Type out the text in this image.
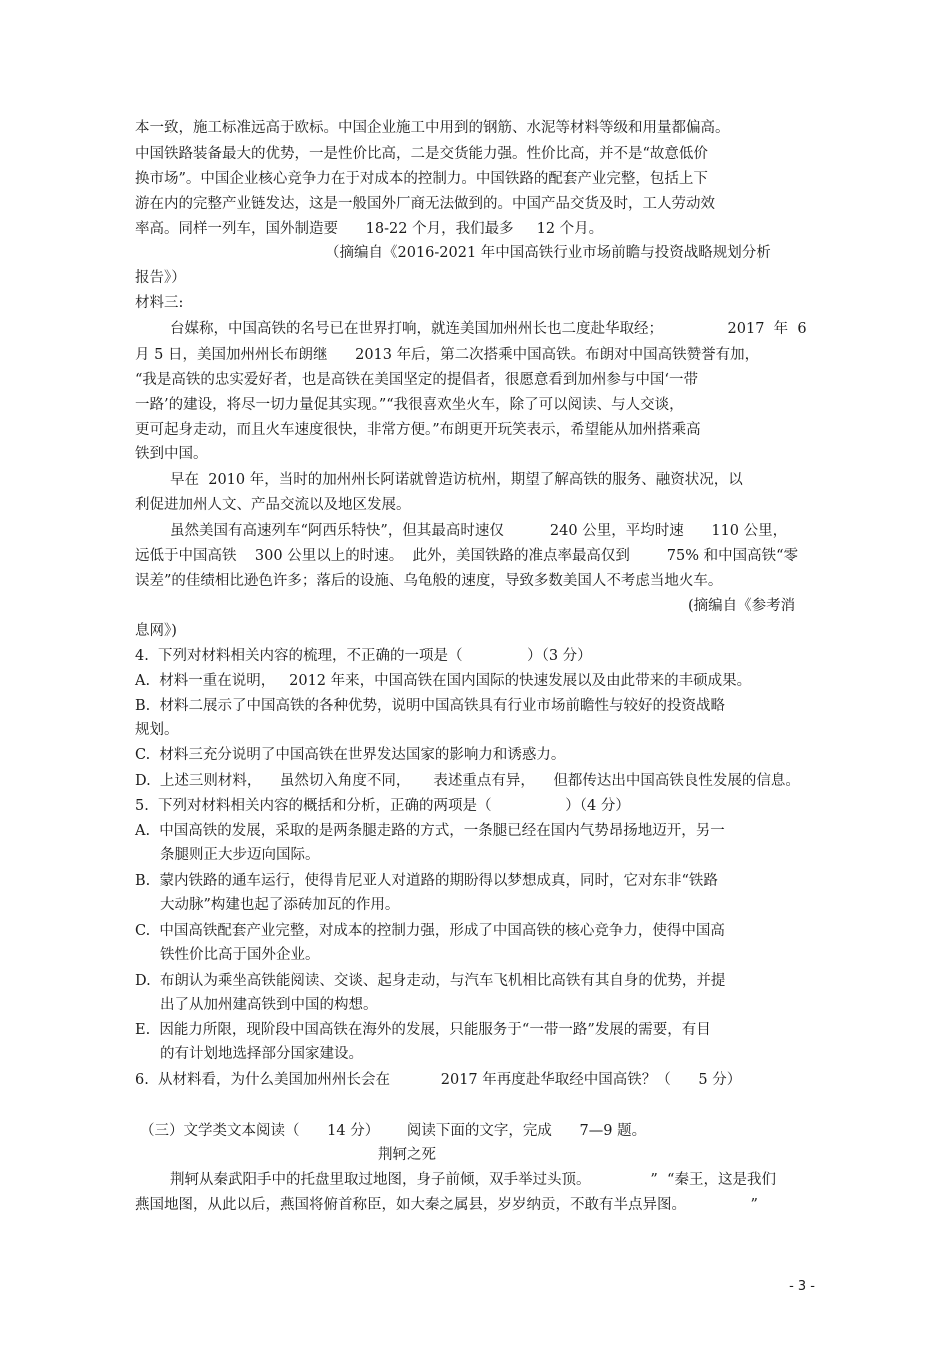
本一致，施工标准远高于欧标。中国企业施工中用到的钢筋、水泥等材料等级和用量都偏高。
中国铁路装备最大的优势，一是性价比高，二是交货能力强。性价比高，并不是“故意低价
换市场”。中国企业核心竞争力在于对成本的控制力。中国铁路的配套产业完整，包括上下
游在内的完整产业链发达，这是一般国外厂商无法做到的。中国产品交货及时，工人劳动效
率高。同样一列车，国外制造要      18-22 个月，我们最多     12 个月。
（摘编自《2016-2021 年中国高铁行业市场前瞻与投资战略规划分析
报告》）
材料三:
台媒称，中国高铁的名号已在世界打响，就连美国加州州长也二度赴华取经；              2017  年  6
月 5 日，美国加州州长布朗继      2013 年后，第二次搭乘中国高铁。布朗对中国高铁赞誉有加，
“我是高铁的忠实爱好者，也是高铁在美国坚定的提倡者，很愿意看到加州参与中国‘一带
一路’的建设，将尽一切力量促其实现。”“我很喜欢坐火车，除了可以阅读、与人交谈，
更可起身走动，而且火车速度很快，非常方便。”布朗更开玩笑表示，希望能从加州搭乘高
铁到中国。
早在  2010 年，当时的加州州长阿诺就曾造访杭州，期望了解高铁的服务、融资状况，以
利促进加州人文、产品交流以及地区发展。
虽然美国有高速列车“阿西乐特快”，但其最高时速仅          240 公里，平均时速      110 公里，
远低于中国高铁    300 公里以上的时速。  此外，美国铁路的准点率最高仅到        75% 和中国高铁“零
误差”的佳绩相比逊色许多；落后的设施、乌龟般的速度，导致多数美国人不考虑当地火车。
(摘编自《参考消
息网》)
4.  下列对材料相关内容的梳理，不正确的一项是（              ）（3 分）
A.  材料一重在说明，   2012 年来，中国高铁在国内国际的快速发展以及由此带来的丰硕成果。
B.  材料二展示了中国高铁的各种优势，说明中国高铁具有行业市场前瞻性与较好的投资战略
规划。
C.  材料三充分说明了中国高铁在世界发达国家的影响力和诱惑力。
D.  上述三则材料，    虽然切入角度不同，     表述重点有异，    但都传达出中国高铁良性发展的信息。
5.  下列对材料相关内容的概括和分析，正确的两项是（                ）（4 分）
A.  中国高铁的发展，采取的是两条腿走路的方式，一条腿已经在国内气势昂扬地迈开，另一
条腿则正大步迈向国际。
B.  蒙内铁路的通车运行，使得肯尼亚人对道路的期盼得以梦想成真，同时，它对东非“铁路
大动脉”构建也起了添砖加瓦的作用。
C.  中国高铁配套产业完整，对成本的控制力强，形成了中国高铁的核心竞争力，使得中国高
铁性价比高于国外企业。
D.  布朗认为乘坐高铁能阅读、交谈、起身走动，与汽车飞机相比高铁有其自身的优势，并提
出了从加州建高铁到中国的构想。
E.  因能力所限，现阶段中国高铁在海外的发展，只能服务于“一带一路”发展的需要，有目
的有计划地选择部分国家建设。
6.  从材料看，为什么美国加州州长会在           2017 年再度赴华取经中国高铁？（      5 分）
（三）文学类文本阅读（      14 分）      阅读下面的文字，完成      7—9 题。
荆轲之死
荆轲从秦武阳手中的托盘里取过地图，身子前倾，双手举过头顶。             ”  “秦王，这是我们
燕国地图，从此以后，燕国将俯首称臣，如大秦之属县，岁岁纳贡，不敢有半点异图。              ”
- 3 -
